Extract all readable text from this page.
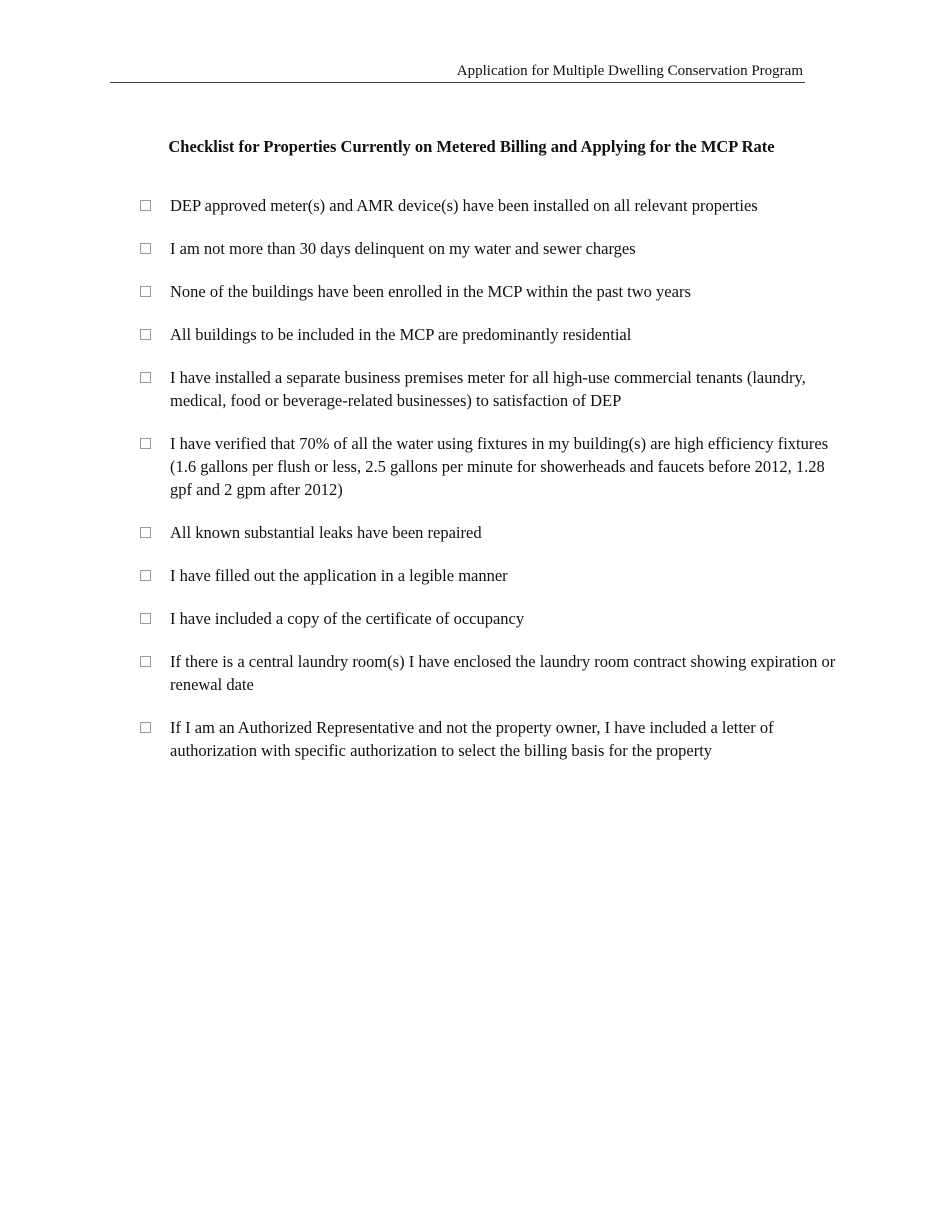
Application for Multiple Dwelling Conservation Program
Checklist for Properties Currently on Metered Billing and Applying for the MCP Rate
DEP approved meter(s) and AMR device(s) have been installed on all relevant properties
I am not more than 30 days delinquent on my water and sewer charges
None of the buildings have been enrolled in the MCP within the past two years
All buildings to be included in the MCP are predominantly residential
I have installed a separate business premises meter for all high-use commercial tenants (laundry, medical, food or beverage-related businesses) to satisfaction of DEP
I have verified that 70% of all the water using fixtures in my building(s) are high efficiency fixtures (1.6 gallons per flush or less, 2.5 gallons per minute for showerheads and faucets before 2012, 1.28 gpf and 2 gpm after 2012)
All known substantial leaks have been repaired
I have filled out the application in a legible manner
I have included a copy of the certificate of occupancy
If there is a central laundry room(s) I have enclosed the laundry room contract showing expiration or renewal date
If I am an Authorized Representative and not the property owner, I have included a letter of authorization with specific authorization to select the billing basis for the property
